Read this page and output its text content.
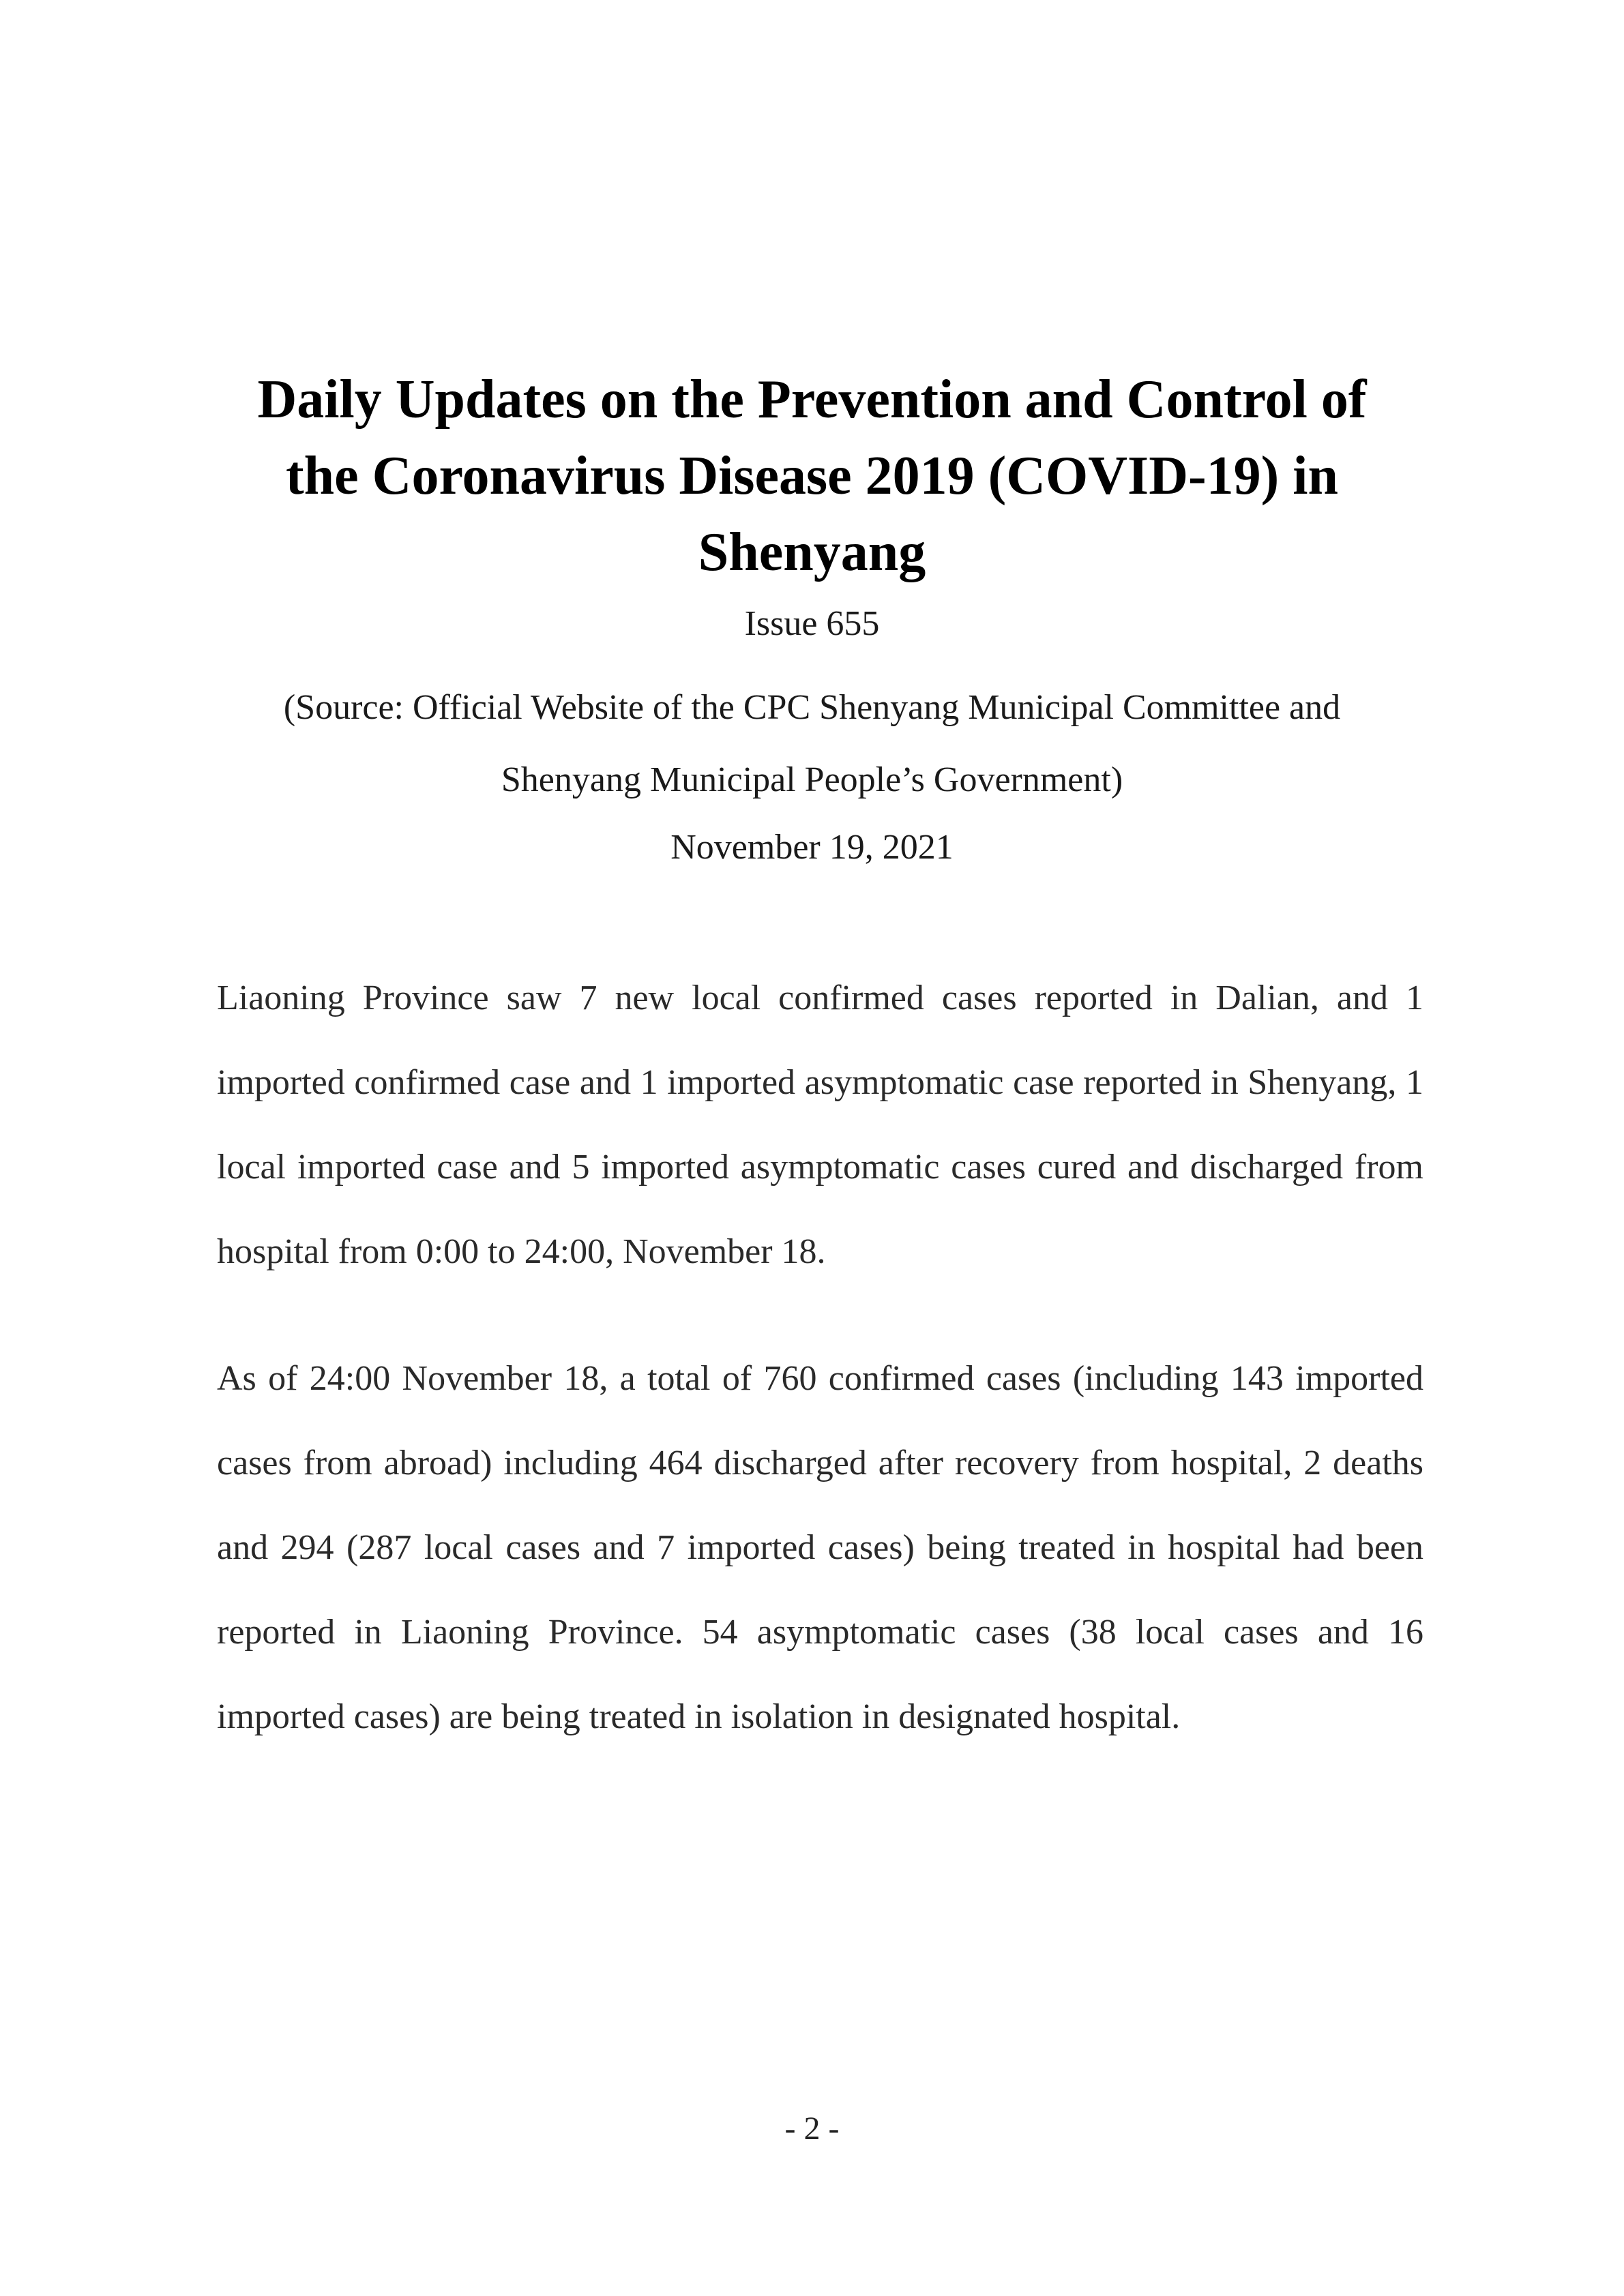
Daily Updates on the Prevention and Control of the Coronavirus Disease 2019 (COVID-19) in Shenyang

Issue 655

(Source: Official Website of the CPC Shenyang Municipal Committee and Shenyang Municipal People’s Government)

November 19, 2021

Liaoning Province saw 7 new local confirmed cases reported in Dalian, and 1 imported confirmed case and 1 imported asymptomatic case reported in Shenyang, 1 local imported case and 5 imported asymptomatic cases cured and discharged from hospital from 0:00 to 24:00, November 18.

As of 24:00 November 18, a total of 760 confirmed cases (including 143 imported cases from abroad) including 464 discharged after recovery from hospital, 2 deaths and 294 (287 local cases and 7 imported cases) being treated in hospital had been reported in Liaoning Province. 54 asymptomatic cases (38 local cases and 16 imported cases) are being treated in isolation in designated hospital.

- 2 -
